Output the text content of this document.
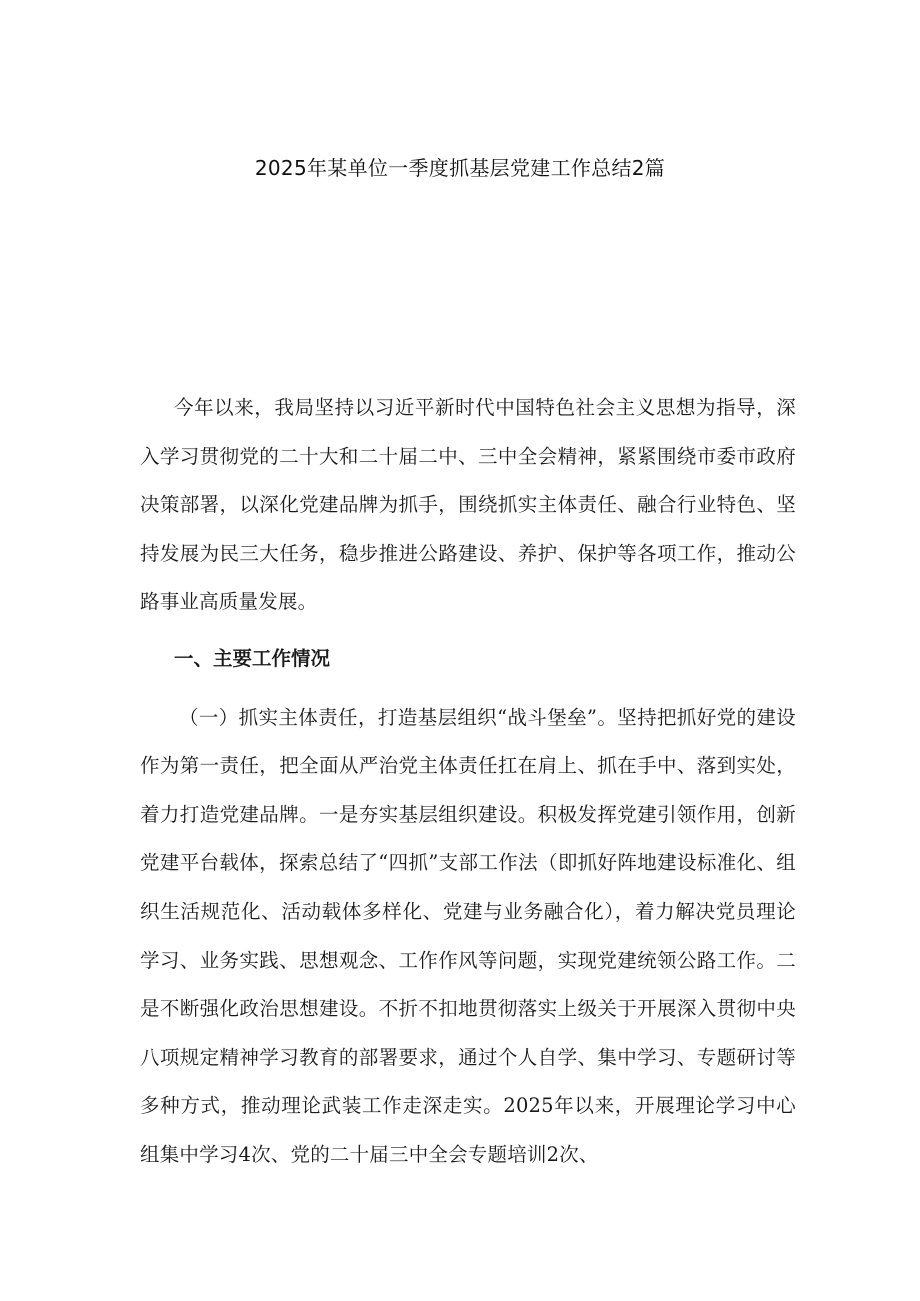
2025年某单位一季度抓基层党建工作总结2篇

今年以来，我局坚持以习近平新时代中国特色社会主义思想为指导，深入学习贯彻党的二十大和二十届二中、三中全会精神，紧紧围绕市委市政府决策部署，以深化党建品牌为抓手，围绕抓实主体责任、融合行业特色、坚持发展为民三大任务，稳步推进公路建设、养护、保护等各项工作，推动公路事业高质量发展。

一、主要工作情况

（一）抓实主体责任，打造基层组织“战斗堡垒”。坚持把抓好党的建设作为第一责任，把全面从严治党主体责任扛在肩上、抓在手中、落到实处，着力打造党建品牌。一是夯实基层组织建设。积极发挥党建引领作用，创新党建平台载体，探索总结了“四抓”支部工作法（即抓好阵地建设标准化、组织生活规范化、活动载体多样化、党建与业务融合化），着力解决党员理论学习、业务实践、思想观念、工作作风等问题，实现党建统领公路工作。二是不断强化政治思想建设。不折不扣地贯彻落实上级关于开展深入贯彻中央八项规定精神学习教育的部署要求，通过个人自学、集中学习、专题研讨等多种方式，推动理论武装工作走深走实。2025年以来，开展理论学习中心组集中学习4次、党的二十届三中全会专题培训2次、
